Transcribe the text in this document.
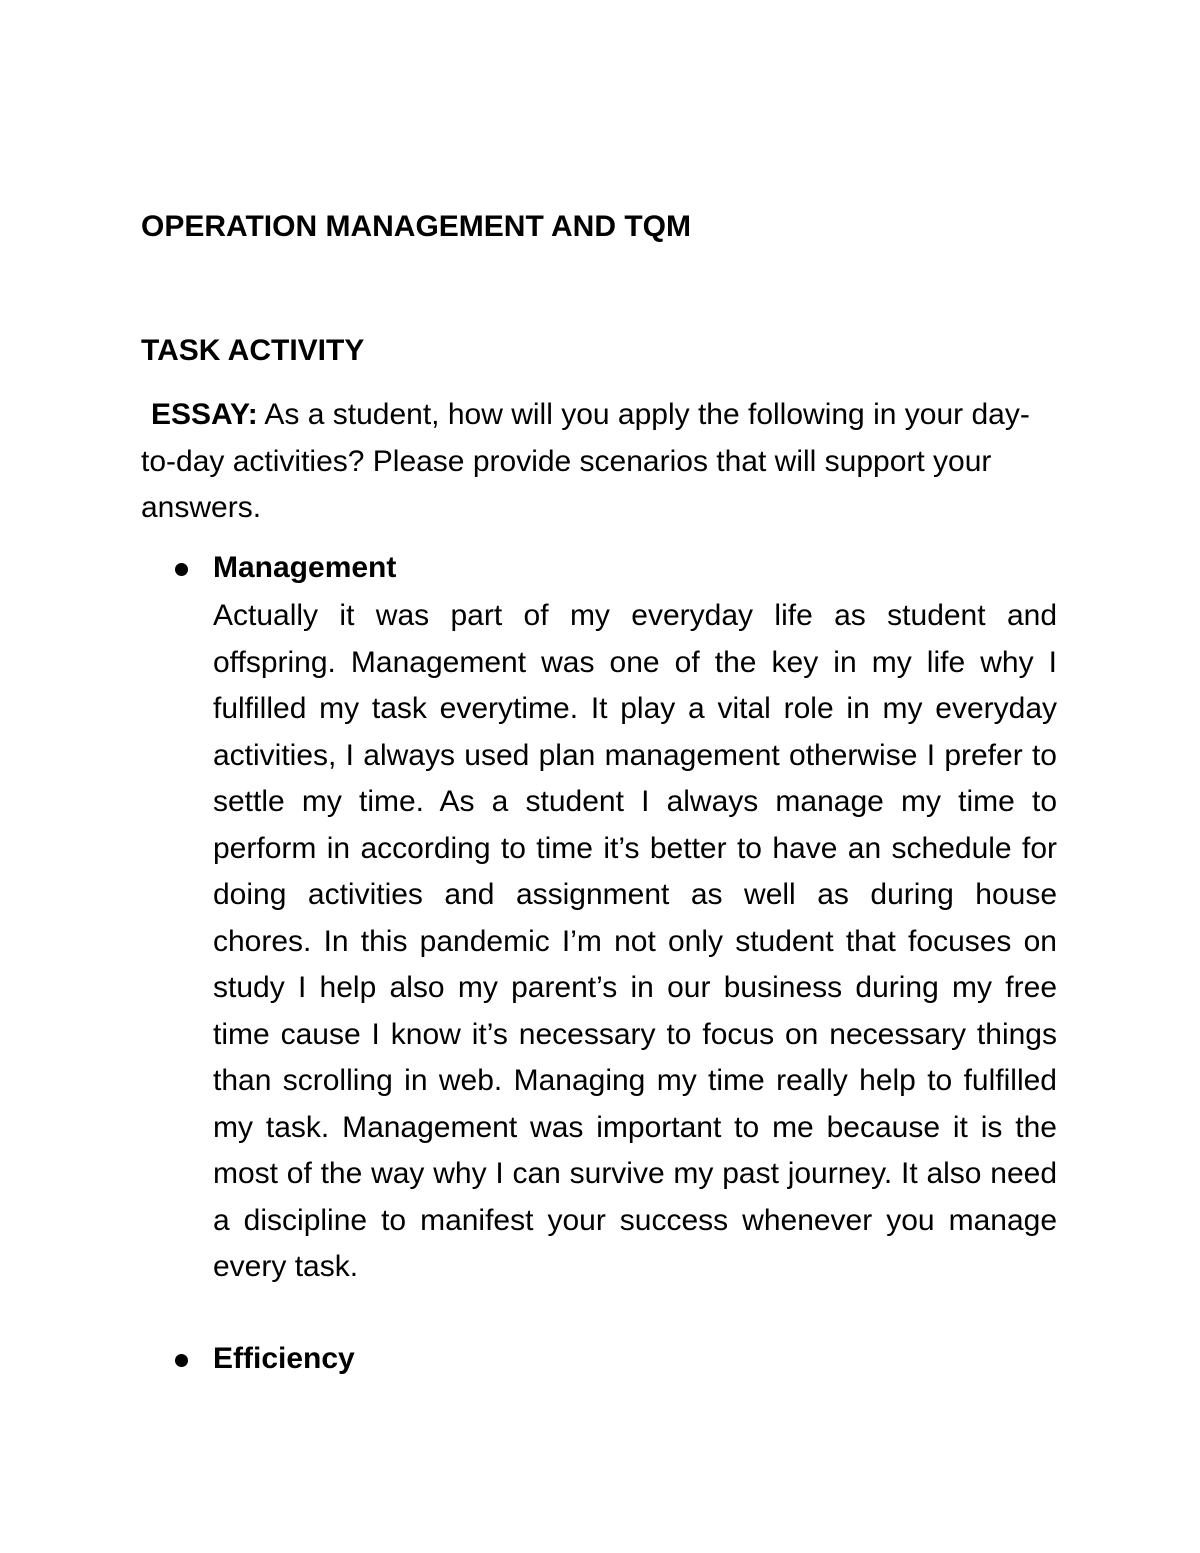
OPERATION MANAGEMENT AND TQM
TASK ACTIVITY

ESSAY: As a student, how will you apply the following in your day-to-day activities? Please provide scenarios that will support your answers.

Management

Actually it was part of my everyday life as student and offspring. Management was one of the key in my life why I fulfilled my task everytime. It play a vital role in my everyday activities, I always used plan management otherwise I prefer to settle my time. As a student I always manage my time to perform in according to time it’s better to have an schedule for doing activities and assignment as well as during house chores. In this pandemic I’m not only student that focuses on study I help also my parent’s in our business during my free time cause I know it’s necessary to focus on necessary things than scrolling in web. Managing my time really help to fulfilled my task. Management was important to me because it is the most of the way why I can survive my past journey. It also need a discipline to manifest your success whenever you manage every task.

Efficiency
